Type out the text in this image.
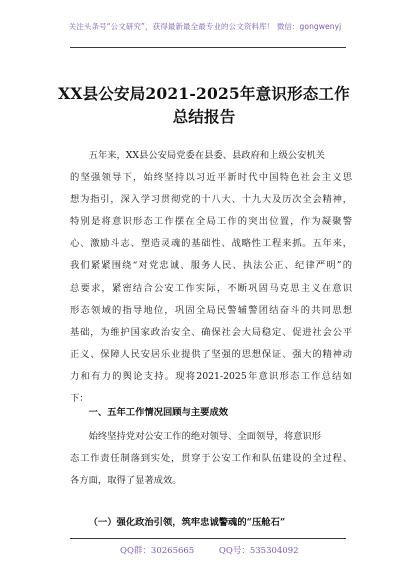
关注头条号“公文研究”，获得最新最全最专业的公文资料库！ 微信：gongwenyj
XX县公安局2021-2025年意识形态工作
总结报告
五年来，XX县公安局党委在县委、县政府和上级公安机关
的坚强领导下，始终坚持以习近平新时代中国特色社会主义思
想为指引，深入学习贯彻党的十八大、十九大及历次全会精神，
特别是将意识形态工作摆在全局工作的突出位置，作为凝聚警
心、激励斗志、塑造灵魂的基础性、战略性工程来抓。五年来，
我们紧紧围绕“对党忠诚、服务人民、执法公正、纪律严明”的
总要求，紧密结合公安工作实际，不断巩固马克思主义在意识
形态领域的指导地位，巩固全局民警辅警团结奋斗的共同思想
基础，为维护国家政治安全、确保社会大局稳定、促进社会公平
正义、保障人民安居乐业提供了坚强的思想保证、强大的精神动
力和有力的舆论支持。现将2021-2025年意识形态工作总结如
下：
一、五年工作情况回顾与主要成效
始终坚持党对公安工作的绝对领导、全面领导，将意识形
态工作责任制落到实处，贯穿于公安工作和队伍建设的全过程、
各方面，取得了显著成效。
（一）强化政治引领，筑牢忠诚警魂的“压舱石”
QQ群：30265665	QQ号：535304092
